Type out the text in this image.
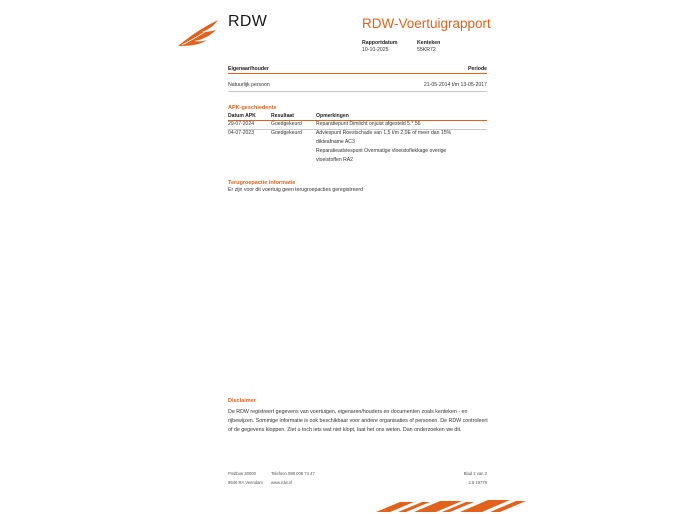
RDW	RDW-Voertuigrapport
Rapportdatum
10-10-2025
Kenteken
55KR72
Eigenaar/houder	Periode
Natuurlijk persoon	21-05-2014 t/m 13-05-2017
APK-geschiedenis
Datum APK	Resultaat	Opmerkingen
29-07-2024	Goedgekeurd	Reparatiepunt Dimlicht onjuist afgesteld 5.*.56
04-07-2023	Goedgekeurd	Adviespunt Roestschade van 1,5 t/m 2,0E of meer dan 15%
dikteafname AC3
Reparatieadviespunt Overmatige vloeistoflekkage overige
vloeistoffen RA2
Terugroepactie informatie
Er zijn voor dit voertuig geen terugroepacties geregistreerd
Disclaimer
De RDW registreert gegevens van voertuigen, eigenaren/houders en documenten zoals kenteken - en rijbewijzen. Sommige informatie is ook beschikbaar voor andere organisaties of personen. De RDW controleert of de gegevens kloppen. Ziet u toch iets wat niet klopt, laat het ons weten. Dan onderzoeken we dit.
Postbus 30000
9640 RA Veendam
Telefoon 088 008 74 47
www.rdw.nl
Blad 2 van 3
2.6 19778
